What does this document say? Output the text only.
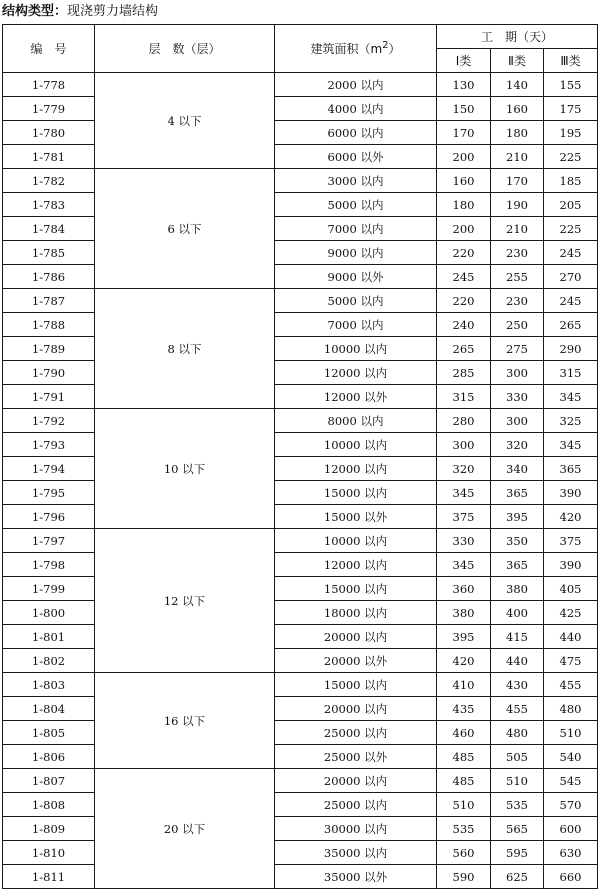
结构类型：现浇剪力墙结构
编　号	层　数（层）	建筑面积$(m^2)$	工　期（天）		
			Ⅰ类	Ⅱ类	Ⅲ类
1-778	4 以下	2000 以内	130	140	155
1-779		4000 以内	150	160	175
1-780		6000 以内	170	180	195
1-781		6000 以外	200	210	225
1-782	6 以下	3000 以内	160	170	185
1-783		5000 以内	180	190	205
1-784		7000 以内	200	210	225
1-785		9000 以内	220	230	245
1-786		9000 以外	245	255	270
1-787	8 以下	5000 以内	220	230	245
1-788		7000 以内	240	250	265
1-789		10000 以内	265	275	290
1-790		12000 以内	285	300	315
1-791		12000 以外	315	330	345
1-792	10 以下	8000 以内	280	300	325
1-793		10000 以内	300	320	345
1-794		12000 以内	320	340	365
1-795		15000 以内	345	365	390
1-796		15000 以外	375	395	420
1-797	12 以下	10000 以内	330	350	375
1-798		12000 以内	345	365	390
1-799		15000 以内	360	380	405
1-800		18000 以内	380	400	425
1-801		20000 以内	395	415	440
1-802		20000 以外	420	440	475
1-803	16 以下	15000 以内	410	430	455
1-804		20000 以内	435	455	480
1-805		25000 以内	460	480	510
1-806		25000 以外	485	505	540
1-807	20 以下	20000 以内	485	510	545
1-808		25000 以内	510	535	570
1-809		30000 以内	535	565	600
1-810		35000 以内	560	595	630
1-811		35000 以外	590	625	660
